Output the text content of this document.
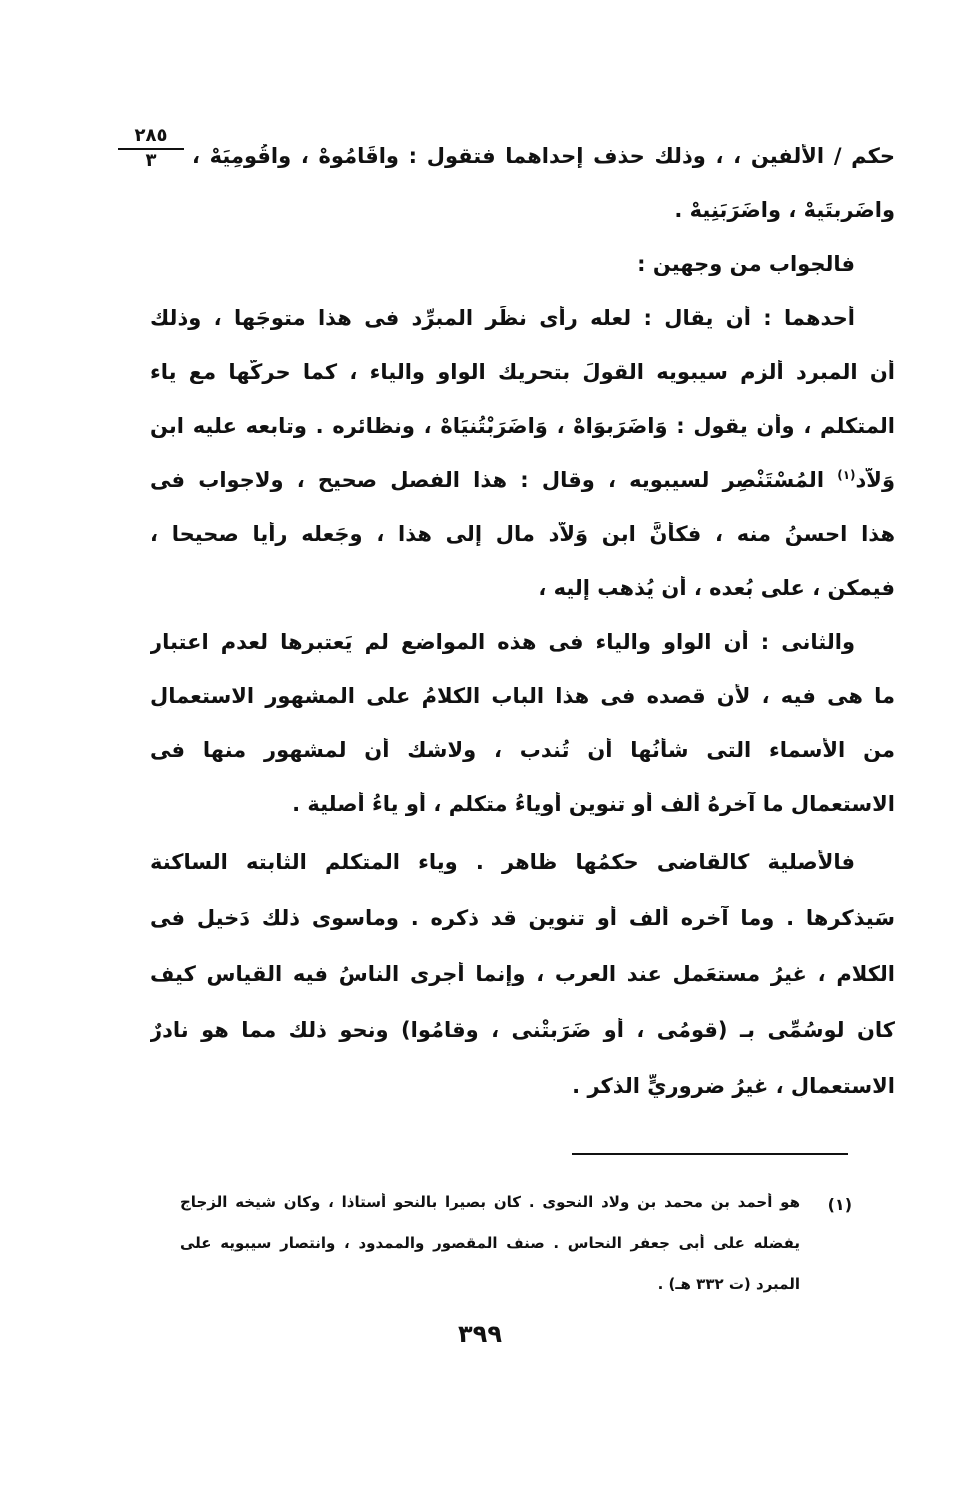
٢٨٥
٣	حكم / الألفين ، ، وذلك حذف إحداهما فتقول : واقَامُوهْ ، واقُومِيَهْ ،
واضَرِبتَيِهْ ، واضَرَبَنِيهْ .
فالجواب من وجهين :
أحدهما : أن يقال : لعله رأى نظَر المبرِّد فى هذا متوجَها ، وذلك
أن المبرد ألزم سيبويه القولَ بتحريك الواو والياء ، كما حركَّها مع ياء
المتكلم ، وأن يقول : وَاضَرَبوَاهْ ، وَاضَرَبْتُنيَاهْ ، ونظائره . وتابعه عليه ابن
وَلاَّد$^{(١)}$ المُسْتَنْصِر لسيبويه ، وقال : هذا الفصل صحيح ، ولاجواب فى
هذا احسنُ منه ، فكأنَّ ابن وَلاَّد مال إلى هذا ، وجَعله رأيا صحيحا ،
فيمكن ، على بُعده ، أن يُذهب إليه ،
والثانى : أن الواو والياء فى هذه المواضع لم يَعتبرها لعدم اعتبار
ما هى فيه ، لأن قصده فى هذا الباب الكلامُ على المشهور الاستعمالِ
من الأسماء التى شأنُها أن تُندب ، ولاشك أن لمشهور منها فى
الاستعمال ما آخرهُ ألف أو تنوين أوياءُ متكلم ، أو ياءُ أصلية .
فالأصلية كالقاضى حكمُها ظاهر . وياء المتكلم الثابته الساكنة
سَيذكرها . وما آخره ألف أو تنوين قد ذكره . وماسوى ذلك دَخيل فى
الكلام ، غيرُ مستعَمل عند العرب ، وإنما أجرى الناسُ فيه القياس كيف
كان لوسُمِّى بـ (قومُى ، أو ضَرَبتْنى ، وقامُوا) ونحو ذلك مما هو نادرٌ
الاستعمالِ ، غيرُ ضروريٍّ الذكر .
(١)
هو أحمد بن محمد بن ولاد النحوى . كان بصيرا بالنحو أستاذا ، وكان شيخه الزجاج
يفضله على أبى جعفر النحاس . صنف المقصور والممدود ، وانتصار سيبويه على
المبرد (ت ٣٣٢ هـ) .
٣٩٩
